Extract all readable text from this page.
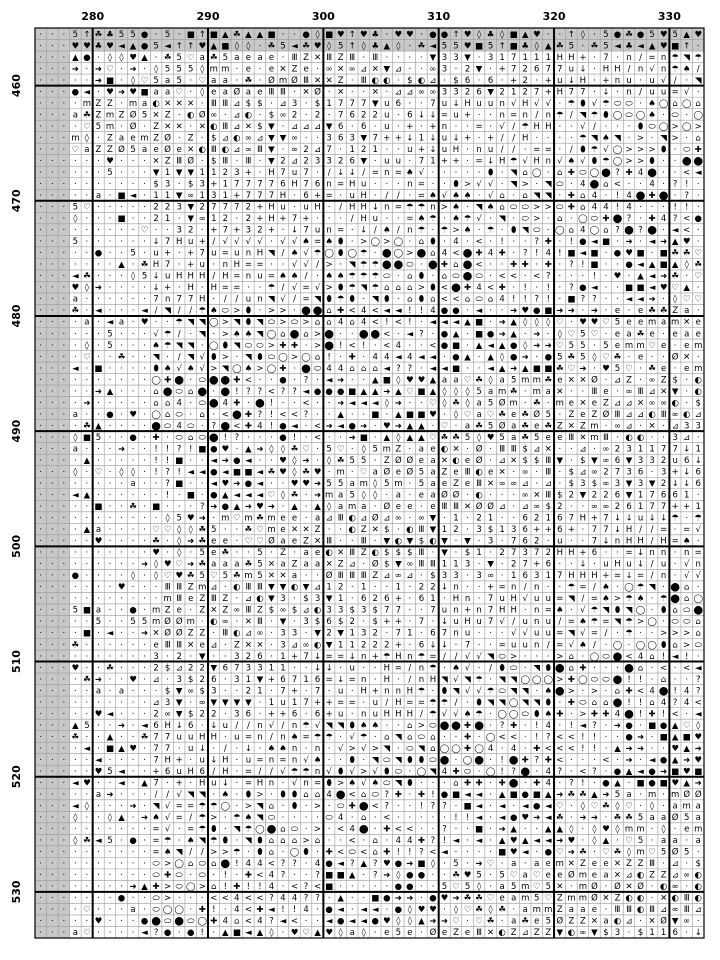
· · · 5 ↑ ☘ ♣ 5 5 ● · 5 · ■ ↑ ■ ▲ ☘ ▲ ▲ ■ · · ● ◊ ■ ♥ ↑ ♥ ♣ · ♥ ♥ · ● ● ↑ ♥ ◊ ♣ ◊ ■ ▲ ♥ · · ↑ ◊ · 5 ● ☘ ● 5 ♥ 5 ▲ ♥
· · · ♥ ♥ ♣ ♥ ◄ ▲ ● 5 ◄ ↑ ↑ ♥ ▲ ■ ◊ ◊ · ☘ 5 ◄ ☘ ♥ ◊ 5 ↑ ◊ ♣ ▲ ◊ · ☘ ◄ 5 5 ♥ ■ 5 ↑ ■ ♣ ◊ ▲ ☘ 5 · ☘ 5 ◄ ♣ ◄ ▲ ♥ ■ ↑ ·
· · · ▲ ● · ◊ ◊ ♥ ▲ · ☘ 5 ♡ a ☘ 5 a e a e · Ⅲ Z ✕ Ⅲ Z Ⅲ · Ⅲ · · · · ▼ 3 3 ▼ · 3 1 7 1 1 1 H H + · 7 · n / = n ☂ ◥ ☂
· · · ➜ · ➜ ♡ · ➜ · ◊ 5 5 5 ◊ m m · e · e ✕ Z e · ∞ ✕ ∞ ⊿ ✕ ▼ ⊿ · · ∞ 3 · 2 ▼ · + 7 2 6 7 7 u ↓ · H H / n √ n ☂ ♠ /
· · · · · ➜ ■ · ◊ ♡ 5 a 5 · ♡ a a · ☘ · Ø m Ø Ⅲ ✕ ✕ Z · Ⅲ ◐ ◐ · $ ◐ ⊿ · $ 6 · 6 · + 2 · + u ↓ H · + n u · u √ / · ◥
· · · ● ◄ · ♥ ➜ ♥ ■ a a ♡ · ◊ e a Ø a e Ⅲ Ⅲ · ✕ Ø · ✕ · · ✕ · ⊿ ⊿ ∞ ∞ 3 3 2 6 ▼ 2 1 2 7 + H 7 7 · ↓ · n / u u = √ ·
· · · · m Z Z · m a ◐ ✕ ✕ ✕ · Ⅲ Ⅲ ⊿ $ $ · ⊿ 3 · $ 1 7 7 7 ▼ u 6 · · 7 u ↓ H u u n √ H √ √ · ☂ ⬮ √ ☂ ⬭ ⬭ · ♠ ◯ ⌂ ◯ ⌂
· · · a ☘ Z m Z Ø 5 ✕ Z · ◐ Ø ∞ · ⊿ ◐ · $ ∞ 2 · 2 · 7 6 2 2 u · 6 ↓ ↓ = u + · · n = n / n ☂ / ◥ ☂ ⬮ ◯ ⬭ ◯ ♠ · ⬭ · ◯
· · · · ♡ 5 m · Ø · Z ✕ ✕ · ✕ ◐ Ⅲ ⊿ ✕ $ ▼ · ⊿ ⊿ ⊿ ▼ 6 · 6 · u · + · + n · · = · √ / ☂ H H · · √ / · · · ⬮ ⬭ ◯ > ◯ >
· · · m ◊ · Z a e m Z Ø · Z · $ ⊿ ◐ ∞ ⊿ ▼ ▼ ∞ · · 3 6 3 ▼ 7 + + ↓ 1 ↓ u ↓ + · + / / H · · · · ☂ ◥ ♠ ◥ · > · ◥ > · ⌂
· · · ♡ a Z Z Ø 5 a e Ø e ✕ ◐ Ⅲ ◐ ⊿ ∞ Ⅲ ▼ · ∞ 2 ⊿ 7 · 1 2 1 · · u + ↓ u H · n u / / · = = · / ⬮ ☂ √ ◯ > > > ⬮ · ⬭ ✚
· · · · · · ♥ · · · ✕ Z Ⅲ Ø · $ Ⅲ · Ⅲ · ▼ 2 ⊿ 2 3 3 2 6 ▼ · u u · 7 1 + + · = ↓ H ☂ √ H n √ ♠ √ ⬮ ☂ ◯ > > ⬮ · · ⬤ ⬤
· · · · · · 5 · · · ▼ 1 ▼ ▼ 1 1 2 3 + · H 7 u 7 · / ↓ ↓ / = n = ♠ √ · · · · · ⬮ · ◥ ⌂ ◯ · ⌂ ✚ ⬭ ◯ ⬤ ? ✚ 4 ⬤ · · < ◄
· · · · · · · · · · $ 3 · $ 3 + 1 7 7 7 7 6 H 7 6 n = H u · · · n = · · ⬮ > √ √ · ◥ > · ◥ ⬭ · 4 ⬤ ⌂ < · · 4 · ? ! ·
· · · · · a · ■ ◄ · 1 1 ▼ ∞ 1 3 1 + 7 7 7 H · 6 + = · u H · / / · = ♠ √ ♠ ♠ · √ ⌂ · ⌂ ◥ ◥ · ✚ ⌂ 4 · ! 4 ⬤ ✚ ⬤ · ? ·
· · · 5 ♡ · · · · · 2 2 3 ▼ 2 7 7 7 2 + H u · u H · / H H ↓ n = ☂ ☂ n > ♠ · ◥ ♠ ⌂ ⬭ ⬭ > > ⬭ ✚ ⌂ 4 4 ! 4 · · · ! ! ·
· · · ◊ · · · ■ · · 2 1 · ▼ ∞ 1 2 · 2 + H + 7 + · · · / H u · · = ♠ ☂ · ♠ ☂ √ · ◥ · ⬭ > · ⌂ · ◯ ⬭ ✚ ⬤ ? · ✚ 4 ? < ●
· · · · · · · · · ♡ · · 3 2 · + 7 + 3 2 + · ↓ 7 u n = · ↓ / ♠ / n ☂ · ☂ > ♠ · ☂ · ⬮ ◥ ⬭ · ◯ ⌂ 4 ◯ ⌂ ? ⬤ ? ⬤ · ◄ < ·
· · · 5 · · · · · · ↓ 7 H u + / √ √ √ √ · √ √ ♠ = ♠ ⬮ · > ◯ > ◯ · ⌂ ⬮ · 4 · < · ! · · ? ✚ · ! ● ◄ ■ · ➜ · ◄ ➜ ▲ ♥ ·
· · · · · ● · · 5 · u + · + 7 u = u n H ◥ / ♠ √ ☂ ◯ ⬮ ◯ ☂ · ⬤ ◯ > ⬤ ⌂ 4 < ⬤ ✚ 4 ✚ · ? ! 4 ! ■ ◄ ■ · ● ♥ ■ · ■ ☘ ☘ ♡
· · · · · · · ▲ · ☘ H 7 · + u · n H = = · · √ √ / > · ◥ ☂ ☂ ⬤ ⬤ ⬭ · ⬤ ✚ ⌂ ⬤ < · · ✚ ✚ · ✚ · ? ! ■ · · ● ◄ ▲ ■ ▲ ◊ ☘
· · · ◄ ☘ · · · ◊ 5 ↓ u H H H / H = n u = ♠ ♠ / · ♠ ♠ ☂ ☂ ☂ ⬭ · ⌂ ⬮ · ⌂ ⬭ ⬤ ⬭ · < < · < ? · · · ! · ♥ · ▲ ◄ ➜ ☘ · ♡
· · · ♥ ◊ ➜ · · · · ↓ + · H · H = = · · ☂ / √ = √ > ⬮ ☂ ◥ ☂ ⌂ ⌂ ⌂ > ⬮ < ⬤ ✚ 4 < ✚ · ! · ! · ? ● ◄ · · ■ ■ ◄ ♥ ♡ ▲ ·
· · · a · · · · · · 7 n 7 7 H · / / u n ◥ √ / = ◥ ⬮ ☂ ⬮ · ◥ ⬮ · ⌂ ⬮ ⌂ < < ⌂ ⬭ ⌂ 4 ! ! ? ! · ■ ? ? · · ◄ ◄ ➜ · ◊ ♡ ♡
· · · ☘ · ◄ · · · ◄ / ◥ / / ☂ ♠ ⬭ > ⬮ · > > · ⬤ ⬤ ⌂ ✚ < 4 < ◄ ◄ ! ! 4 ● ● · ◄ · · ➜ ♥ ● ■ ➜ ➜ · ➜ · e · e ☘ ☘ Z a ·
· · · · a · ◄ a · ♥ · · ☂ ◥ ◥ ◯ > ◥ ⬮ ◥ ⬭ > ⬭ > ⌂ ⌂ 4 ⌂ 4 < ! < ! · ◄ ◄ ◄ ▲ ■ · ➜ ▲ ◊ ◊ ◊ ♡ · ♥ ♥ ♡ 5 e e m a m ✕ e
· · · · · · 5 · · · √ ☂ / · ◥ · > ♠ ♠ ◥ ◯ ⌂ ⬤ ⌂ > ⬤ · · ⬤ ⬤ < · ◄ ? · ● ▲ · ■ ● ➜ ▲ · ➜ · ◊ ♡ 5 ♡ · e a ☘ e · e a e
· · · · ◊ · 5 · · · ♠ ☂ ◥ ◥ · ◯ ⬮ ◥ ⬭ ⬭ > ✚ ✚ · > ⬤ ! < ! · < 4 · · < ● ■ · ▲ ◄ ▲ ● ◊ ➜ ➜ ♡ 5 5 · 5 e m m ♡ e · e m
· · · · ♡ · · ☘ · · ◥ · / ◥ √ ⬮ > · ◥ ⬮ ⬭ ◯ > ◯ ⌂ ! · ✚ · 4 4 ◄ 4 ◄ ◄ · ● ▲ · ▲ ◊ ● ➜ · ● 5 ☘ 5 ◊ ♡ ☘ · e · · Ø ✕ ·
· · · ◄ · ■ · · · · ⬮ ♠ √ ♠ √ > ◥ ◯ ♠ > ◯ ✚ · ⬤ ⬭ 4 4 ⌂ ⌂ ⌂ ◄ ? ? · ◄ ◄ ■ · · ◄ ▲ ➜ ▲ ■ ■ ☘ ♡ ➜ · ♥ 5 ♡ · ☘ e · e m
· · · · · · · · · · ◯ ✚ ⬤ · ⬭ ⬤ ⬤ ✚ < · · ● · ? · ◄ ➜ · · ▲ ■ ◊ ♥ ♥ ▲ a a ♡ ☘ ◊ a 5 m m ☘ e ✕ ✕ Ø · ⊿ Z · ∞ Z $ · ◐
· · · · · ➜ ▲ · · · ⌂ ⬤ ⬭ ⌂ ⬤ · ⬤ ! ? ? < ? ? ◄ ● ● ● ■ ▲ ▲ ➜ ▲ ♡ ■ ▲ ◊ ◊ ◊ 5 a m ☘ · m a ✕ · · Ⅲ e · ∞ Ⅲ ⊿ ✕ ▼ · ◐
· · · · ➜ · · · · · ⌂ ⌂ 4 · ⬭ ⬤ 4 ✚ · ⬤ ! · · < · · ➜ ◄ ◄ ◄ ◊ ➜ · · ♡ ◊ ☘ ◊ a 5 Ø m · ☘ · m e ✕ e Z ⊿ ⊿ ✕ ∞ ∞ ◐ · $
· · · a · · ● · ♥ · ◯ ⌂ ⬭ · ⌂ · < ⬤ ✚ ? ! < < ? · · ▲ · · ■ · ▲ ■ ■ ♥ · ◊ ♡ a ♡ ☘ e ☘ Ø 5 · Z e Z Ø Ⅲ ⊿ ⊿ ◐ Ⅲ ∞ ◐ ⊿
· · · · ☘ ▲ · · · · ⬤ ⬭ 4 ⬭ · ? ⬤ < ✚ 4 ! ● ◄ · < ➜ ◄ ● ➜ · ♥ ➜ ▲ ▲ · ♡ · a ☘ 5 Ø a ☘ e ☘ Z ✕ Z m · ∞ ⊿ · ✕ · ⊿ 3 3
· · · ◊ ■ 5 · · ● · ✚ · ⬭ ⌂ ⬭ ⬤ ! ? · · · ● ! · < · · ➜ ■ · ▲ ◊ ▲ ▲ ♡ ☘ ☘ 5 ◊ ♥ 5 a ☘ 5 e e Ⅲ ✕ m Ⅲ · ◐ ◐ · · 3 ⊿ ·
· · · a · · · ➜ · · ! ! ? ! ■ ● ♥ · ▲ ➜ ◊ ◊ ☘ ♡ · 5 ♡ · ◊ 5 m Z · a e ◐ ✕ · Ø · Ⅲ Ⅲ $ ⊿ ✕ · · ⊿ · ∞ 2 3 1 1 7 7 ↓ 1
· · · · ▲ · · · · · ! ! ■ · · ◄ ➜ ● ◄ · · ♥ ◊ ➜ · ◊ ☘ 5 5 · Z Ø Ø e a ✕ ◐ e Ø · ⊿ ✕ $ $ Ⅲ ▼ · $ ▼ ∞ 6 ▼ 3 3 2 u 6 ↓
· · · ◊ · ♡ · ◊ ◊ · ! ? ! ◄ ◄ ● ◄ ■ ■ ◄ ☘ ♥ ◊ ☘ ♥ · m · ♡ a Ø e Ø 5 a Z e Ⅲ ◐ e ✕ · ∞ · Ⅲ · $ ⊿ ∞ 2 7 3 6 · 3 + ↓ 6
· · · · · · · · a · · ? ■ · · ◄ ♥ ➜ ● ◄ · · ♥ ♥ ➜ 5 5 a m ◊ 5 m · 5 a e Z e Ⅲ ✕ ∞ ∞ ⊿ · ⊿ · $ 3 $ ∞ 3 ▼ 3 ▼ 2 ↓ ↓ 6
· · · ◄ ▲ · · · · · · ! · ■ · ● ▲ ◄ ◄ ◄ ♡ ◊ ☘ · ➜ m a 5 ◊ ◊ · a · e a Ø Ø · ◐ · · · ∞ ✕ Ⅲ $ 2 ▼ 2 2 6 ▼ 1 7 6 6 1 ·
· · · · · ■ · · ☘ · ■ · · · ? ➜ ● ▲ ➜ ♥ ➜ · ▲ · ▲ ◊ a m a · Ø e e · e Ⅲ Ⅲ ✕ Ø Ø ⊿ · ⊿ ∞ $ 2 · · ∞ ∞ 2 6 1 7 7 + + 1
· · · · · · · · · · · ◊ 5 ♥ ➜ · m ♡ m ☘ m e e · a ⊿ Ⅲ ◐ ⊿ Ø ⊿ ∞ · ∞ ▼ · 1 · 2 1 · · 6 2 1 6 7 H + 7 ↓ ↓ u ↓ ↓ ☂ · ☂
· · · · ▲ a · · · · ♡ ♡ ◊ ◊ ☘ 5 · · ☘ ♡ m e ✕ ✕ Z · · ◐ Z ✕ $ · ◐ Ⅲ ▼ 1 2 · 3 $ 1 3 6 + + 6 + · 7 7 ↓ H / / = · = √
· · · · · ♥ · · · · ☘ · ◊ ➜ ☘ e e · ♡ ♡ Ø a e Z ✕ Ⅲ · · Ⅲ · ▼ ◐ ▼ $ ◐ ▼ · ▼ · 3 · 7 6 2 · u · · 7 ↓ n H H / H = ♠ ·
· · · · · · · · · · ♥ · ◊ · 5 e ☘ · · 5 · Z · a e ◐ ✕ Ⅲ Z ◐ $ $ $ Ⅲ · ▼ · $ 1 · 2 7 3 7 2 H H + 6 · · = ↓ n n · n =
· · · · · · · · · ➜ ◊ ♥ ♡ ➜ ☘ a a a ☘ 5 ✕ a Z a a ✕ Z ⊿ · Ø $ ▼ ∞ Ⅲ Ⅲ 1 1 3 · ▼ · 2 7 + 6 · · ↓ · u H u ↓ / u · √ n
· · · ● · · · · ◊ · ◊ ♡ ♥ ☘ 5 ♡ 5 ☘ m 5 ✕ ✕ a · · Ø Ⅲ Ⅲ Ⅲ Z ⊿ ∞ ⊿ · $ 3 3 · 3 ∞ · 1 6 3 1 7 H H H + = ↓ = / n · √ √
· · · · · · · ♥ · · · Ⅲ Ⅲ Z m ⊿ · ◐ Ⅲ Ⅲ ▼ ▼ ◐ ▼ ⊿ 1 2 · 1 · · 1 · 2 2 ↓ n · · + = n / n · · ☂ = / ♠ · ◯ ☂ ◥ · ⬤ ⌂ ·
· · · · · · · · · · · m Ⅲ e Z Ⅲ Z · ⊿ ◐ ▼ 3 · $ 3 ▼ 1 · 6 2 6 + · 6 1 · H n · 7 u H √ u u = ◥ / = ♠ > ☂ ♠ · ☂ ⬤ ⌂ ◯
· · · 5 ■ a · · ● · m Z e · Z ✕ Z ∞ Ⅲ Z $ ∞ $ ⊿ ◐ 3 3 $ 3 $ 7 7 · · 7 u n + n 7 H H · n = ♠ · √ ☂ ◥ ⬮ ◥ ◯ · ⬮ ⌂ ⬭ ⬤
· · · · · 5 · · 5 5 m Ø Ø m · ◐ ∞ · ✕ Ⅲ · ▼ · 3 $ 6 $ 2 · $ + + · 7 · ↓ u H u 7 √ / u n u / = ♠ ☂ = ◥ ☂ > ◯ · ⬭ ⬭ ⌂
· · · · ■ · ◄ · · ➜ ✕ Ø Ø Z Z · Ⅲ ◐ ⊿ ∞ · 3 3 · ▼ 2 ▼ 1 3 2 · 7 1 · 6 7 n u · · · √ √ u u = ◥ √ = / · ☂ · · > > > ⌂
· · · ☘ · · · · · · e Ⅲ Ⅲ ✕ e ⊿ · Z ✕ ✕ · 3 ⊿ ∞ ◐ ▼ 1 1 2 2 2 + · 6 ↓ ↓ · 7 · · = u u n / = √ ♠ / · ◯ · ◯ ◯ ⬮ ⌂ > ⬭
· · · · · · · · · · 3 · 2 · ▼ · · 3 2 6 · 1 + 7 ↓ = = ↓ n + ☂ H n ☂ = / / √ √ ◥ ⬭ > · · · > ⌂ · ◯ ⬭ ⬤ < 4 ⌂ ! ◄ ! ·
· · · ♥ · · ☘ · · · 2 $ ⊿ 2 2 ▼ 6 7 3 3 1 1 · · ↓ ↓ · u · · H = / n ☂ · ♠ √ · / ⬮ ⬭ · ◥ ⬮ ⬤ ⌂ ✚ · · · ⬤ ⌂ · < · < ◄
· · · · ☘ ➜ · · ♥ · ⊿ · 3 $ 2 6 · 3 1 ▼ + 6 7 1 6 = ↓ = n · H · / n H ◥ √ ◥ ☂ · ◥ ◥ ◯ ◯ ◯ > ✚ ◯ ⬭ ⬭ ⬤ ! ! · ⌂ · · ?
· · · · · a · a · · · $ ▼ ∞ $ 3 · · 2 1 · 7 + · 7 · u · H + n n H ☂ · ⬮ ◥ √ √ ☂ ⬭ ◥ ◥ · ♠ ⬤ > · > · ⌂ ✚ < 4 ⬤ ! 4 ?
· · · · · · · · · · ⊿ 3 ▼ · ∞ ▼ ▼ ▼ ▼ · 1 u 1 7 + + = = · u / H = = ☂ ☂ / · ⬮ ◥ ◥ ◯ ◥ ◥ ⬮ · ✚ ⬭ ⌂ ⌂ ⬤ ! ! ⌂ 4 ? 4 <
· · · · · ♥ ◄ · · · 2 ∞ ▼ $ 2 2 · 3 6 · + + 6 · 6 + u · n u H H H / ☂ √ √ ♠ ☂ · ◯ ◯ ⬭ ⬮ ♠ ✚ · > ✚ ✚ 4 ⬤ ! ✚ ! < · ◄
· · · ▲ 5 · · ➜ · ◄ 6 H ↓ 6 · ↓ u / / n √ / n ☂ √ ◥ ◥ ⬮ ♠ ♠ · · ⌂ > ⬭ ⬤ ⬤ ✚ ⬤ · ? ✚ · ! 4 · ! ◄ ? · ➜ ● · ■ ● ▲ ♡ ◊
· · · ☘ · · ▲ · · ☘ 7 7 u u H H · u = n / n ♠ = ☂ ☂ · √ ☂ · ⌂ ◥ ⌂ ⬭ ⌂ · · ✚ · ◯ < < · ! ? < < ! ! · · ● ➜ · ■ ▲ ■ ♥
· · · · ◄ · ■ ▲ ♥ · 7 7 · u ↓ · / · ↓ · ♠ ♠ n · n · √ > √ > ◥ · ⬭ ◥ ⌂ ◯ ◯ ✚ ◯ 4 · 4 · ✚ < < < ! ! · ▲ ➜ ➜ · · ♥ ▲ ➜
· · · · · ◄ · · · · 7 H + · u ↓ H · u = n = n √ ♠ · · ⬮ · ◥ ⬭ ◥ ⬮ ⬮ ⬭ ⬤ · ◯ ⬤ · ! ⬤ ✚ ? ✚ < · · · < · ➜ · ◄ ● ▲ ➜ ♥
· · · · · ♥ 5 ◄ · · + 6 u H 6 / H · = / / √ ☂ ☂ n √ ⬮ √ > √ ⬮ ⬭ · ◯ ◥ 4 ✚ ⬭ · ◯ ! ? ⬤ · 4 ? · < ? · ● ▲ ◄ ● ➜ ■ ♥ ■
· · · ◄ ♥ · · ◄ · ▲ 7 · + · H u ↓ · = H n · √ n = ⬮ > ♠ √ ♠ ⬭ ◥ ⬮ · · · ⌂ ✚ ✚ · ✚ ⬤ · ✚ 4 · ? ! · ● ▲ · ■ ● ■ ♥ ▲ ➜
· · · · · a ➜ · · · / / √ ◥ ◥ · ♠ · ⬮ > · ⬮ ⬮ ⌂ ⌂ 4 ⬤ < ⌂ ⬭ ? ✚ · ✚ ! ● ■ ◄ ◄ · ▲ ■ ● ■ ▲ ➜ ☘ ☘ ▲ ➜ 5 a · m · m Ø Ø
· · · ◄ ◊ · · · ➜ · ◥ √ = = ☂ ☂ ◯ · > ◥ ⌂ · ⬮ · > · ⬭ ✚ ⬤ < ? · · ! ? ? · ■ ◄ · ◄ · ◄ ● ◄ ♡ · ◊ ♡ ☘ ◊ ♡ · ◊ · a m a
· · · ◊ · · ◊ ▲ · ➜ ♠ √ = / ☂ > · ☂ ♠ ◥ ⬭ · · · · ⬭ 4 · ⌂ · < · · · · · ! ! ◄ · ◄ ● ♥ ➜ ◄ ☘ · ➜ ➜ · ☘ ☘ 5 a a Ø 5 a
· · · · · · · · · · = √ · = ☂ ⬮ · ◥ ☂ ◯ ⬤ ⌂ ⬭ · > · < 4 ⬤ · ✚ < < · · ? · · ■ · ➜ ▲ · · ▲ ▲ ◊ · ◊ ♥ ◊ m m · ◊ · e m
· · · ◊ ☘ ◄ 5 · ● · = ☂ · ♠ ◥ ☂ ⬮ · ◥ ⬮ ⌂ ⌂ ⌂ > ⌂ · · < · ⌂ · 4 4 ✚ ? ! ◄ · ◄ · ▲ ♥ ▲ ◄ ◄ ➜ ♥ · ◊ ▲ · ♡ 5 · a a · a
· · · · · · · · · · = ♠ ◥ / / > > ☂ · ⬮ ⌂ · ◯ ⬮ · ✚ < ⬭ < ⌂ ✚ ! ! ? < ◄ · · · · ■ ♥ ◄ · ● ♡ ➜ ☘ · ♡ ☘ ◊ m ♡ 5 Ø 5 ·
· · · · · · · · · · ⬭ > ◯ ⌂ ⬭ ⌂ ⬤ ! 4 4 < ? ? · 4 ● ◄ ? ▲ ? ♥ ● ➜ ■ ◊ · 5 · ➜ ♡ · a · a e m ✕ Z e e ✕ Z Z Ⅲ · ⊿ · $
· · · · · · · · · · ⬭ ✚ ⬭ · ⬭ · ! · ✚ < 4 ? · · ? ■ ■ ▲ · ? ➜ ◊ ● ● · · ☘ ♥ 5 · 5 ♡ a ♡ e e Ø m e a ✕ ⊿ ◐ Z Z ⊿ ∞ ◐
· · · · · · · · ➜ ▲ ✚ > ⬭ ◯ > ⌂ ! ✚ ! ! 4 · < ? < ■ · · · · · ● ● · · 5 ♡ 5 ◊ · a 5 m ♡ 5 ✕ · m Ø · Ø ✕ Ø · ◐ ∞ · ◐
· · · · · · · ● · · ⬭ > · · · < < 4 < < ? 4 4 ? ? · ▲ · · ■ ● ➜ ➜ · ● ♥ ➜ ☘ ☘ ♡ e a m 5 ♡ Z m m Ø ✕ Z ◐ ◐ · ✕ ◐ Ⅲ ◐
· · · · ♡ · · · a · ⬭ ◯ ◯ · ✚ ! · 4 < ✚ ◄ ! ! 4 · ● ◄ · ◄ ◄ · ● ◊ ♥ ♥ · ◊ ♡ ☘ ◊ ☘ · a m m Z a a e · Ⅲ Ⅲ ◐ Ⅲ ⊿ ∞ Ⅲ ⊿
· · · · · ♥ · · · ● ⬤ ⬭ ⬤ ⬭ ◯ ✚ 4 ⌂ < 4 ? ◄ < · · ◄ ● ◄ ◄ ● ♥ ◊ ◊ ▲ ➜ ➜ ♡ · ♡ ☘ · a ☘ e 5 Ø Z Z ✕ a ◐ ⊿ · ✕ Ø ▼ ∞ ·
· · · a ♡ · · · · ◄ ? ● · ● ! · ▲ ■ ◄ ▲ ◊ · ♥ ♡ ▲ ♥ ◊ a ◊ · e 5 e · Ø e Z e Ⅲ ✕ ◐ Z ⊿ Z Z ▼ ◐ ∞ ▼ $ 3 · $ 1 1 6 · ↓
280	290	300	310	320	330
460
470
480
490
500
510
520
530
